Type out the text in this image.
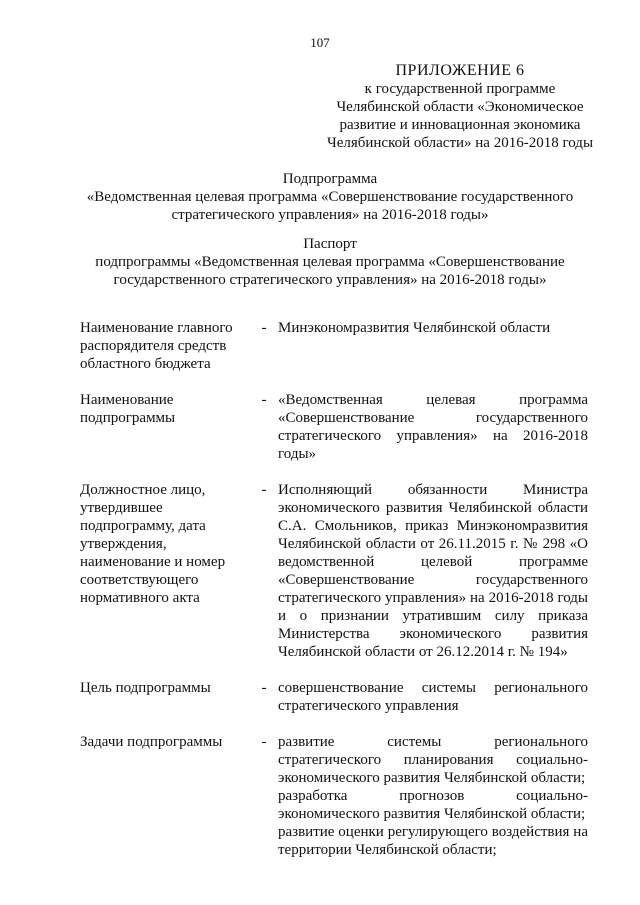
107
ПРИЛОЖЕНИЕ 6
к государственной программе
Челябинской области «Экономическое
развитие и инновационная экономика
Челябинской области» на 2016-2018 годы
Подпрограмма
«Ведомственная целевая программа «Совершенствование государственного
стратегического управления» на 2016-2018 годы»
Паспорт
подпрограммы «Ведомственная целевая программа «Совершенствование
государственного стратегического управления» на 2016-2018 годы»
Наименование главного
распорядителя средств
областного бюджета
- Минэкономразвития Челябинской области

Наименование
подпрограммы
- «Ведомственная целевая программа «Совершенствование государственного стратегического управления» на 2016-2018 годы»

Должностное лицо,
утвердившее
подпрограмму, дата
утверждения,
наименование и номер
соответствующего
нормативного акта
- Исполняющий обязанности Министра экономического развития Челябинской области С.А. Смольников, приказ Минэкономразвития Челябинской области от 26.11.2015 г. № 298 «О ведомственной целевой программе «Совершенствование государственного стратегического управления» на 2016-2018 годы и о признании утратившим силу приказа Министерства экономического развития Челябинской области от 26.12.2014 г. № 194»

Цель подпрограммы	- совершенствование системы регионального стратегического управления

Задачи подпрограммы	- развитие системы регионального стратегического планирования социально-экономического развития Челябинской области;

разработка прогнозов социально-экономического развития Челябинской области;

развитие оценки регулирующего воздействия на территории Челябинской области;
